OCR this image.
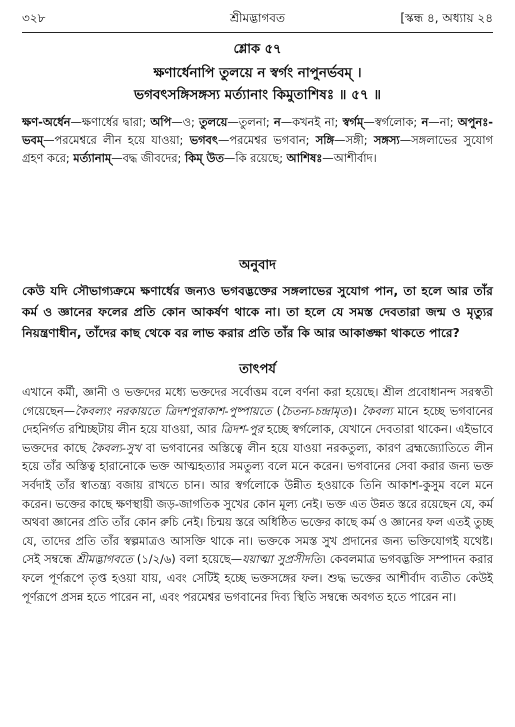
৩২৮	শ্রীমদ্ভাগবত	[স্কন্ধ ৪, অধ্যায় ২৪
শ্লোক ৫৭
ক্ষণার্ধেনাপি তুলয়ে ন স্বর্গং নাপুনর্ভবম্‌ ।
ভগবৎসঙ্গিসঙ্গস্য মর্ত্যানাং কিমুতাশিষঃ ॥ ৫৭ ॥
ক্ষণ-অর্ধেন—ক্ষণার্ধের দ্বারা; অপি—ও; তুলয়ে—তুলনা; ন—কখনই না; স্বর্গম্‌—স্বর্গলোক; ন—না; অপুনঃ-ভবম্‌—পরমেশ্বরে লীন হয়ে যাওয়া; ভগবৎ—পরমেশ্বর ভগবান; সঙ্গি—সঙ্গী; সঙ্গস্য—সঙ্গলাভের সুযোগ গ্রহণ করে; মর্ত্যানাম্‌—বদ্ধ জীবদের; কিম্‌ উত—কি রয়েছে; আশিষঃ—আশীর্বাদ।
অনুবাদ
কেউ যদি সৌভাগ্যক্রমে ক্ষণার্ধের জন্যও ভগবদ্ভক্তের সঙ্গলাভের সুযোগ পান, তা হলে আর তাঁর কর্ম ও জ্ঞানের ফলের প্রতি কোন আকর্ষণ থাকে না। তা হলে যে সমস্ত দেবতারা জন্ম ও মৃত্যুর নিয়ন্ত্রণাধীন, তাঁদের কাছ থেকে বর লাভ করার প্রতি তাঁর কি আর আকাঙ্ক্ষা থাকতে পারে?
তাৎপর্য
এখানে কর্মী, জ্ঞানী ও ভক্তদের মধ্যে ভক্তদের সর্বোত্তম বলে বর্ণনা করা হয়েছে। শ্রীল প্রবোধানন্দ সরস্বতী গেয়েছেন—কৈবল্যং নরকায়তে ত্রিদশপুরাকাশ-পুষ্পায়তে (চৈতন্য-চন্দ্রামৃত)। কৈবল্য মানে হচ্ছে ভগবানের দেহনির্গত রশ্মিচ্ছটায় লীন হয়ে যাওয়া, আর ত্রিদশ-পুর হচ্ছে স্বর্গলোক, যেখানে দেবতারা থাকেন। এইভাবে ভক্তদের কাছে কৈবল্য-সুখ বা ভগবানের অস্তিত্বে লীন হয়ে যাওয়া নরকতুল্য, কারণ ব্রহ্মজ্যোতিতে লীন হয়ে তাঁর অস্তিত্ব হারানোকে ভক্ত আত্মহত্যার সমতুল্য বলে মনে করেন। ভগবানের সেবা করার জন্য ভক্ত সর্বদাই তাঁর স্বাতন্ত্র্য বজায় রাখতে চান। আর স্বর্গলোকে উন্নীত হওয়াকে তিনি আকাশ-কুসুম বলে মনে করেন। ভক্তের কাছে ক্ষণস্থায়ী জড়-জাগতিক সুখের কোন মূল্য নেই। ভক্ত এত উন্নত স্তরে রয়েছেন যে, কর্ম অথবা জ্ঞানের প্রতি তাঁর কোন রুচি নেই। চিন্ময় স্তরে অধিষ্ঠিত ভক্তের কাছে কর্ম ও জ্ঞানের ফল এতই তুচ্ছ যে, তাদের প্রতি তাঁর স্বল্পমাত্রও আসক্তি থাকে না। ভক্তকে সমস্ত সুখ প্রদানের জন্য ভক্তিযোগই যথেষ্ট। সেই সম্বন্ধে শ্রীমদ্ভাগবতে (১/২/৬) বলা হয়েছে—যয়াত্মা সুপ্রসীদতি। কেবলমাত্র ভগবদ্ভক্তি সম্পাদন করার ফলে পূর্ণরূপে তৃপ্ত হওয়া যায়, এবং সেটিই হচ্ছে ভক্তসঙ্গের ফল। শুদ্ধ ভক্তের আশীর্বাদ ব্যতীত কেউই পূর্ণরূপে প্রসন্ন হতে পারেন না, এবং পরমেশ্বর ভগবানের দিব্য স্থিতি সম্বন্ধে অবগত হতে পারেন না।
